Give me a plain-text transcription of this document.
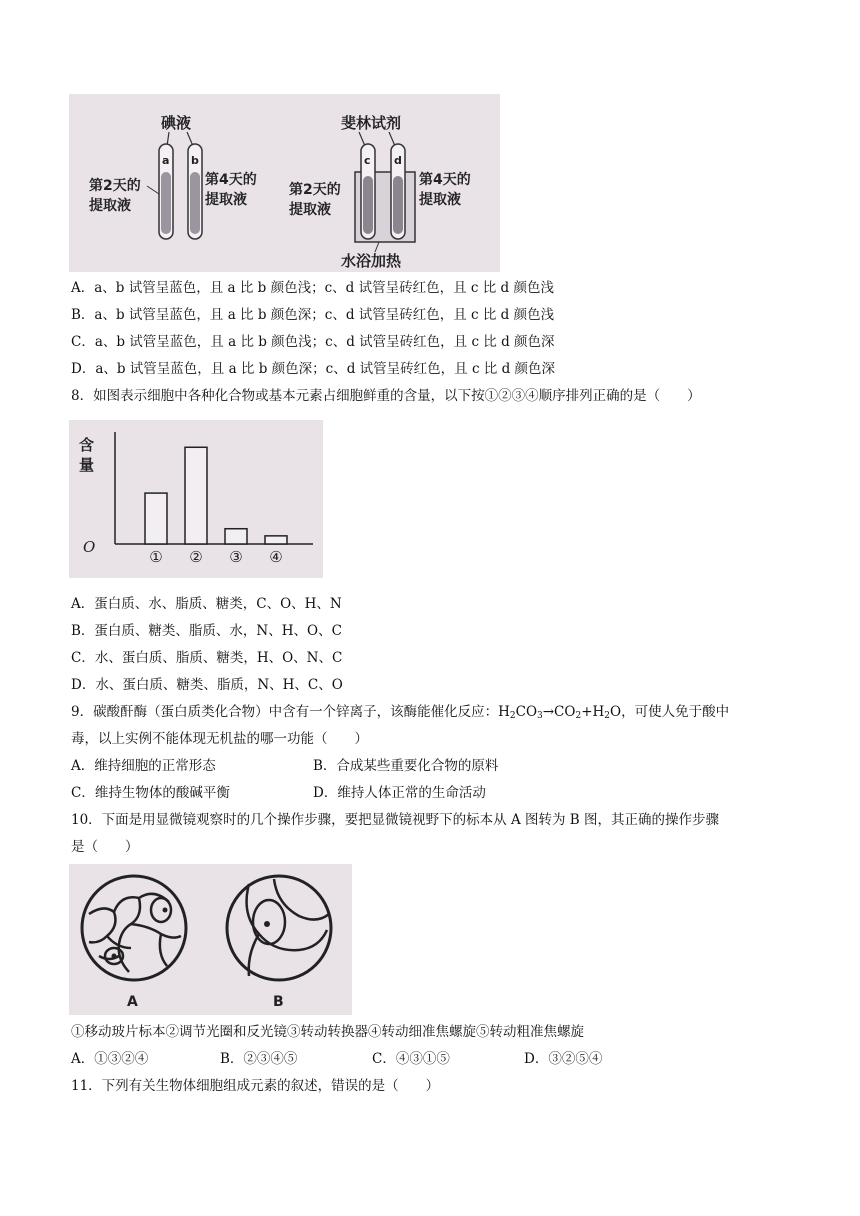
碘液
a b
第2天的
提取液
第4天的
提取液
斐林试剂
c d
第2天的
提取液
第4天的
提取液
水浴加热
A．a、b 试管呈蓝色，且 a 比 b 颜色浅；c、d 试管呈砖红色，且 c 比 d 颜色浅
B．a、b 试管呈蓝色，且 a 比 b 颜色深；c、d 试管呈砖红色，且 c 比 d 颜色浅
C．a、b 试管呈蓝色，且 a 比 b 颜色浅；c、d 试管呈砖红色，且 c 比 d 颜色深
D．a、b 试管呈蓝色，且 a 比 b 颜色深；c、d 试管呈砖红色，且 c 比 d 颜色深
8．如图表示细胞中各种化合物或基本元素占细胞鲜重的含量，以下按①②③④顺序排列正确的是（　　）
含
量
O
① ② ③ ④
A．蛋白质、水、脂质、糖类，C、O、H、N
B．蛋白质、糖类、脂质、水，N、H、O、C
C．水、蛋白质、脂质、糖类，H、O、N、C
D．水、蛋白质、糖类、脂质，N、H、C、O
9．碳酸酐酶（蛋白质类化合物）中含有一个锌离子，该酶能催化反应：$H_2CO_3\to CO_2+H_2O$，可使人免于酸中
毒，以上实例不能体现无机盐的哪一功能（　　）
A．维持细胞的正常形态	B．合成某些重要化合物的原料
C．维持生物体的酸碱平衡	D．维持人体正常的生命活动
10．下面是用显微镜观察时的几个操作步骤，要把显微镜视野下的标本从 A 图转为 B 图，其正确的操作步骤
是（　　）
A	B
①移动玻片标本②调节光圈和反光镜③转动转换器④转动细准焦螺旋⑤转动粗准焦螺旋
A．①③②④	B．②③④⑤	C．④③①⑤	D．③②⑤④
11．下列有关生物体细胞组成元素的叙述，错误的是（　　）
